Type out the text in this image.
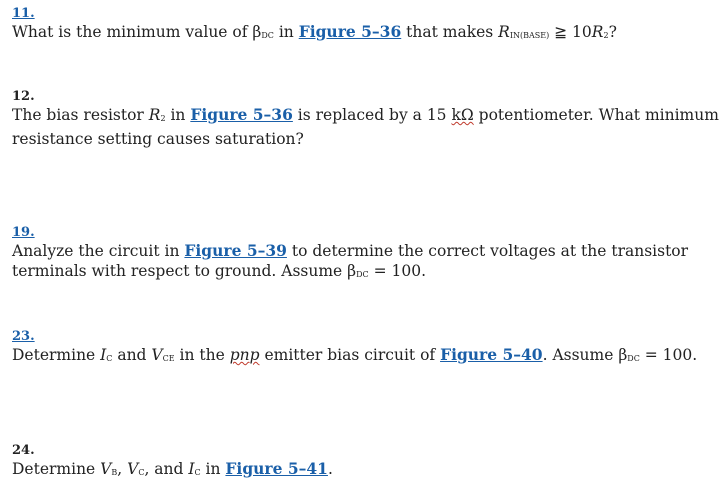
11.
What is the minimum value of βDC in Figure 5–36 that makes RIN(BASE) ≧ 10R2?
12.
The bias resistor R2 in Figure 5–36 is replaced by a 15 kΩ potentiometer. What minimum
resistance setting causes saturation?
19.
Analyze the circuit in Figure 5–39 to determine the correct voltages at the transistor
terminals with respect to ground. Assume βDC = 100.
23.
Determine IC and VCE in the pnp emitter bias circuit of Figure 5–40. Assume βDC = 100.
24.
Determine VB, VC, and IC in Figure 5–41.
